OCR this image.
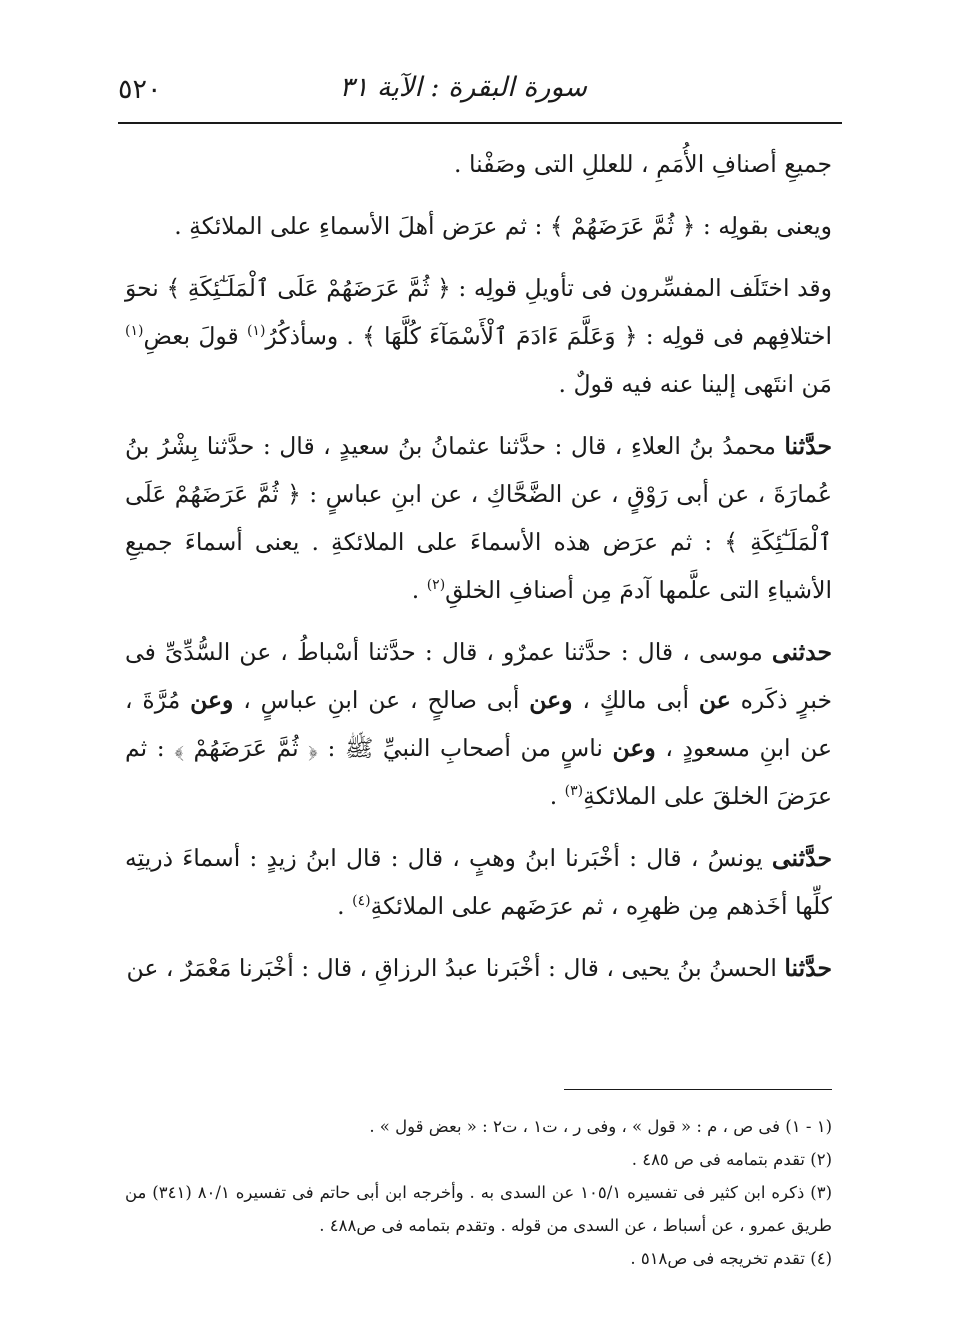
٥٢٠	سورة البقرة : الآية ٣١

جميعِ أصنافِ الأُمَمِ ، للعللِ التى وصَفْنا .

ويعنى بقولِه : ﴿ ثُمَّ عَرَضَهُمْ ﴾ : ثم عرَض أهلَ الأسماءِ على الملائكةِ .

وقد اختَلَف المفسِّرون فى تأويلِ قولِه : ﴿ ثُمَّ عَرَضَهُمْ عَلَى ٱلْمَلَـٰٓئِكَةِ ﴾ نحوَ اختلافِهم فى قولِه : ﴿ وَعَلَّمَ ءَادَمَ ٱلْأَسْمَآءَ كُلَّهَا ﴾ . وسأذكُرُ$^{(١)}$ قولَ بعضِ$^{(١)}$ مَن انتَهى إلينا عنه فيه قولٌ .

حدَّثنا محمدُ بنُ العلاءِ ، قال : حدَّثنا عثمانُ بنُ سعيدٍ ، قال : حدَّثنا بِشْرُ بنُ عُمارَةَ ، عن أبى رَوْقٍ ، عن الضَّحَّاكِ ، عن ابنِ عباسٍ : ﴿ ثُمَّ عَرَضَهُمْ عَلَى ٱلْمَلَـٰٓئِكَةِ ﴾ : ثم عرَض هذه الأسماءَ على الملائكةِ . يعنى أسماءَ جميعِ الأشياءِ التى علَّمها آدمَ مِن أصنافِ الخلقِ$^{(٢)}$ .

حدثنى موسى ، قال : حدَّثنا عمرٌو ، قال : حدَّثنا أسْباطُ ، عن السُّدِّىِّ فى خبرٍ ذكَره عن أبى مالكٍ ، وعن أبى صالحٍ ، عن ابنِ عباسٍ ، وعن مُرَّةَ ، عن ابنِ مسعودٍ ، وعن ناسٍ من أصحابِ النبيِّ ﷺ : ﴿ ثُمَّ عَرَضَهُمْ ﴾ : ثم عرَضَ الخلقَ على الملائكةِ$^{(٣)}$ .

حدَّثنى يونسُ ، قال : أخْبَرنا ابنُ وهبٍ ، قال : قال ابنُ زيدٍ : أسماءَ ذريتِه كلِّها أخَذهم مِن ظهرِه ، ثم عرَضَهم على الملائكةِ$^{(٤)}$ .

حدَّثنا الحسنُ بنُ يحيى ، قال : أخْبَرنا عبدُ الرزاقِ ، قال : أخْبَرنا مَعْمَرٌ ، عن

(١ - ١) فى ص ، م : « قول » ، وفى ر ، ت١ ، ت٢ : « بعض قول » .

(٢) تقدم بتمامه فى ص ٤٨٥ .

(٣) ذكره ابن كثير فى تفسيره ١٠٥/١ عن السدى به . وأخرجه ابن أبى حاتم فى تفسيره ٨٠/١ (٣٤١) من طريق عمرو ، عن أسباط ، عن السدى من قوله . وتقدم بتمامه فى ص٤٨٨ .

(٤) تقدم تخريجه فى ص٥١٨ .
